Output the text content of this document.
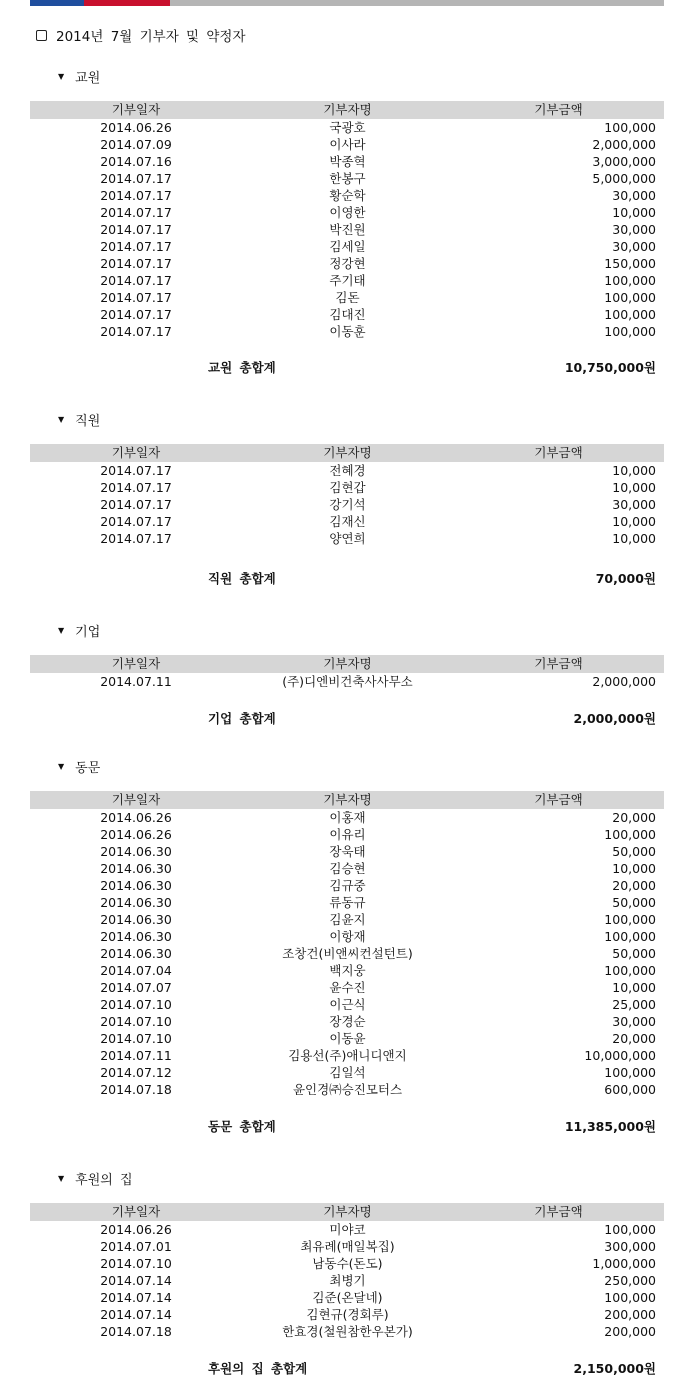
2014년 7월 기부자 및 약정자
▼ 교원
기부일자	기부자명	기부금액
2014.06.26	국광호	100,000
2014.07.09	이사라	2,000,000
2014.07.16	박종혁	3,000,000
2014.07.17	한봉구	5,000,000
2014.07.17	황순학	30,000
2014.07.17	이영한	10,000
2014.07.17	박진원	30,000
2014.07.17	김세일	30,000
2014.07.17	정강현	150,000
2014.07.17	주기태	100,000
2014.07.17	김돈	100,000
2014.07.17	김대진	100,000
2014.07.17	이동훈	100,000
교원 총합계	10,750,000원
▼ 직원
기부일자	기부자명	기부금액
2014.07.17	전혜경	10,000
2014.07.17	김현갑	10,000
2014.07.17	강기석	30,000
2014.07.17	김재신	10,000
2014.07.17	양연희	10,000
직원 총합계	70,000원
▼ 기업
기부일자	기부자명	기부금액
2014.07.11	(주)디엔비건축사사무소	2,000,000
기업 총합계	2,000,000원
▼ 동문
기부일자	기부자명	기부금액
2014.06.26	이홍재	20,000
2014.06.26	이유리	100,000
2014.06.30	장욱태	50,000
2014.06.30	김승현	10,000
2014.06.30	김규중	20,000
2014.06.30	류동규	50,000
2014.06.30	김윤지	100,000
2014.06.30	이항재	100,000
2014.06.30	조창건(비앤씨컨설턴트)	50,000
2014.07.04	백지웅	100,000
2014.07.07	윤수진	10,000
2014.07.10	이근식	25,000
2014.07.10	장경순	30,000
2014.07.10	이동윤	20,000
2014.07.11	김용선(주)애니디앤지	10,000,000
2014.07.12	김일석	100,000
2014.07.18	윤인경㈜승진모터스	600,000
동문 총합계	11,385,000원
▼ 후원의 집
기부일자	기부자명	기부금액
2014.06.26	미야코	100,000
2014.07.01	최유례(매일복집)	300,000
2014.07.10	남동수(돈도)	1,000,000
2014.07.14	최병기	250,000
2014.07.14	김준(온달네)	100,000
2014.07.14	김현규(경회루)	200,000
2014.07.18	한효경(철원참한우본가)	200,000
후원의 집 총합계	2,150,000원
